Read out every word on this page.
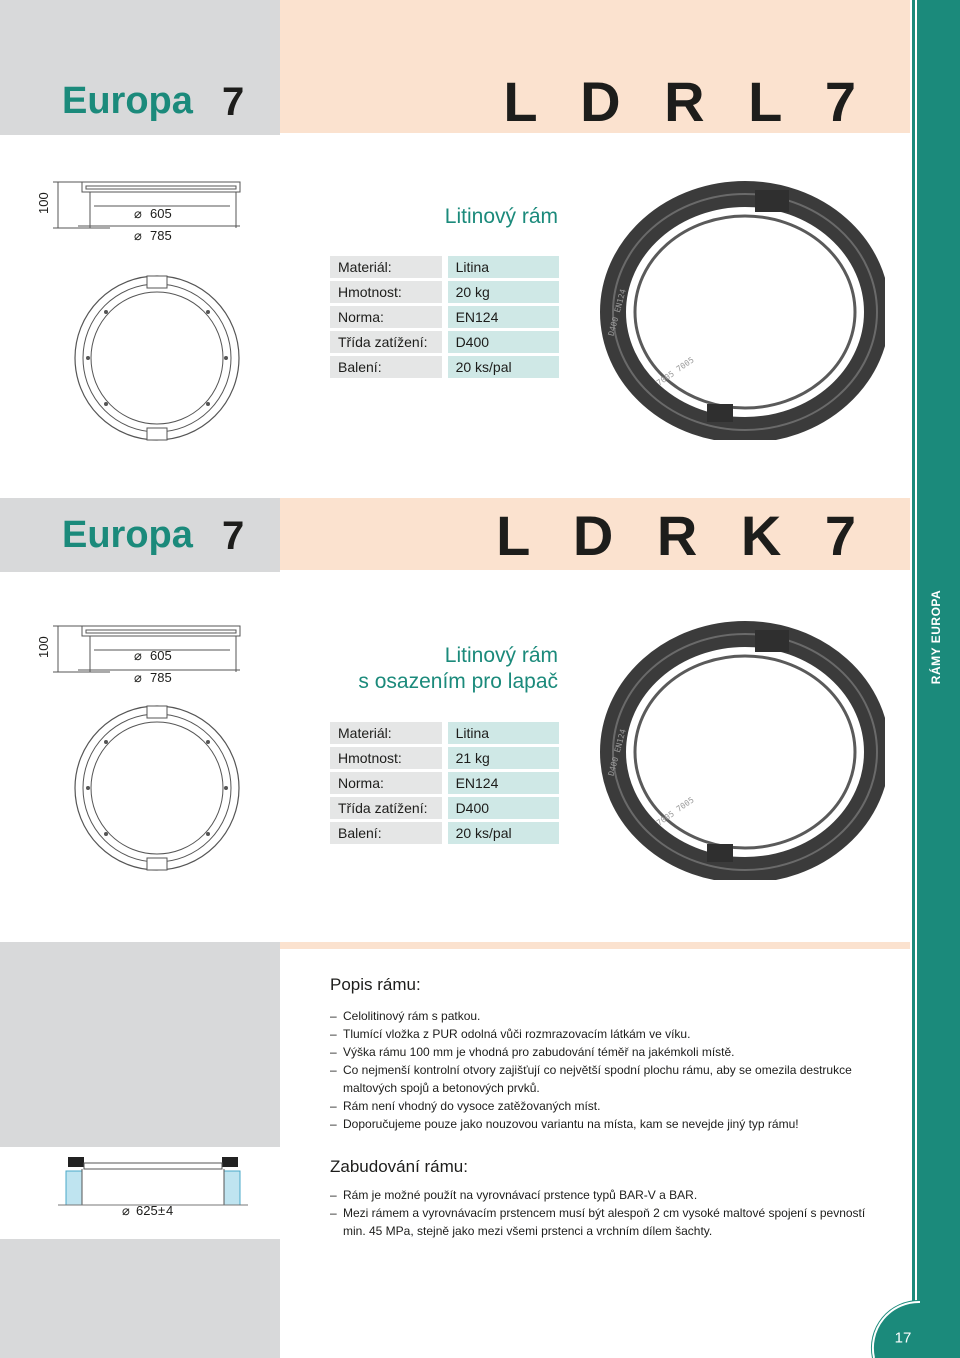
RÁMY EUROPA
Europa 7	L D R L 7
100	605
785
⌀
⌀
Litinový rám
Materiál:		Litina
Hmotnost:		20 kg
Norma:		EN124
Třída zatížení:		D400
Balení:		20 ks/pal
D400 EN124
7005 7005
Europa 7	L D R K 7
100	605
785
⌀
⌀
Litinový rám
s osazením pro lapač
Materiál:		Litina
Hmotnost:		21 kg
Norma:		EN124
Třída zatížení:		D400
Balení:		20 ks/pal
D400 EN124
7005 7005
Popis rámu:
– Celolitinový rám s patkou.
– Tlumící vložka z PUR odolná vůči rozmrazovacím látkám ve víku.
– Výška rámu 100 mm je vhodná pro zabudování téměř na jakémkoli místě.
– Co nejmenší kontrolní otvory zajišťují co největší spodní plochu rámu, aby se omezila destrukce maltových spojů a betonových prvků.
– Rám není vhodný do vysoce zatěžovaných míst.
– Doporučujeme pouze jako nouzovou variantu na místa, kam se nevejde jiný typ rámu!
Zabudování rámu:
– Rám je možné použít na vyrovnávací prstence typů BAR-V a BAR.
– Mezi rámem a vyrovnávacím prstencem musí být alespoň 2 cm vysoké maltové spojení s pevností min. 45 MPa, stejně jako mezi všemi prstenci a vrchním dílem šachty.
⌀ 625 ± 4
17
